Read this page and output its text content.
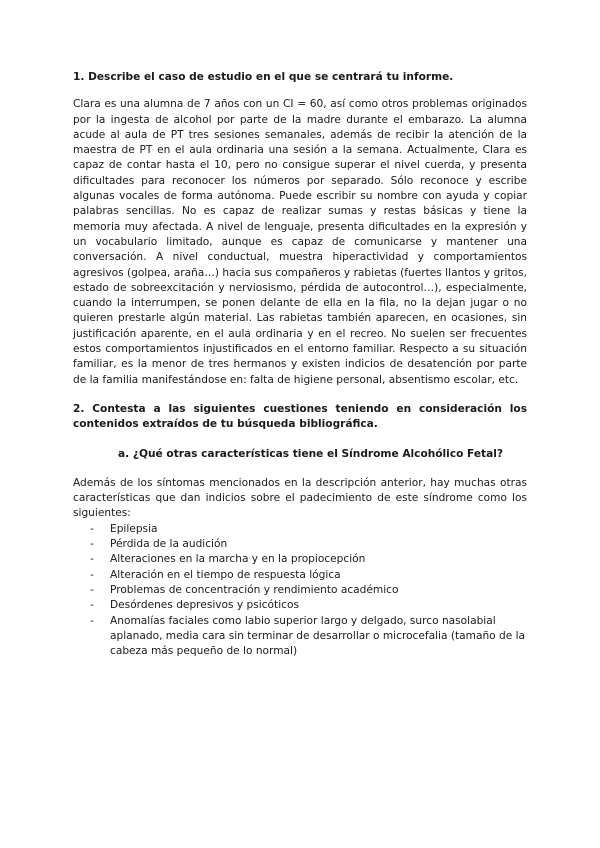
1. Describe el caso de estudio en el que se centrará tu informe.

Clara es una alumna de 7 años con un CI = 60, así como otros problemas originados por la ingesta de alcohol por parte de la madre durante el embarazo. La alumna acude al aula de PT tres sesiones semanales, además de recibir la atención de la maestra de PT en el aula ordinaria una sesión a la semana. Actualmente, Clara es capaz de contar hasta el 10, pero no consigue superar el nivel cuerda, y presenta dificultades para reconocer los números por separado. Sólo reconoce y escribe algunas vocales de forma autónoma. Puede escribir su nombre con ayuda y copiar palabras sencillas. No es capaz de realizar sumas y restas básicas y tiene la memoria muy afectada. A nivel de lenguaje, presenta dificultades en la expresión y un vocabulario limitado, aunque es capaz de comunicarse y mantener una conversación. A nivel conductual, muestra hiperactividad y comportamientos agresivos (golpea, araña…) hacia sus compañeros y rabietas (fuertes llantos y gritos, estado de sobreexcitación y nerviosismo, pérdida de autocontrol…), especialmente, cuando la interrumpen, se ponen delante de ella en la fila, no la dejan jugar o no quieren prestarle algún material. Las rabietas también aparecen, en ocasiones, sin justificación aparente, en el aula ordinaria y en el recreo. No suelen ser frecuentes estos comportamientos injustificados en el entorno familiar. Respecto a su situación familiar, es la menor de tres hermanos y existen indicios de desatención por parte de la familia manifestándose en: falta de higiene personal, absentismo escolar, etc.

2. Contesta a las siguientes cuestiones teniendo en consideración los contenidos extraídos de tu búsqueda bibliográfica.

a. ¿Qué otras características tiene el Síndrome Alcohólico Fetal?

Además de los síntomas mencionados en la descripción anterior, hay muchas otras características que dan indicios sobre el padecimiento de este síndrome como los siguientes:

-	Epilepsia
-	Pérdida de la audición
-	Alteraciones en la marcha y en la propiocepción
-	Alteración en el tiempo de respuesta lógica
-	Problemas de concentración y rendimiento académico
-	Desórdenes depresivos y psicóticos
-	Anomalías faciales como labio superior largo y delgado, surco nasolabial aplanado, media cara sin terminar de desarrollar o microcefalia (tamaño de la cabeza más pequeño de lo normal)
